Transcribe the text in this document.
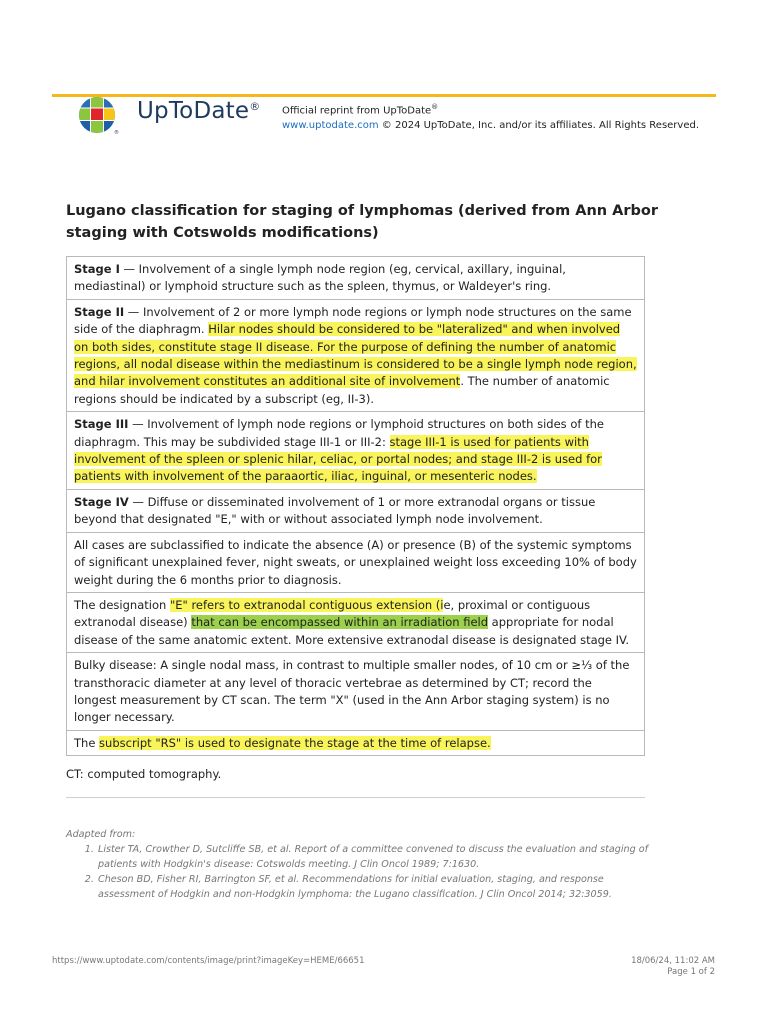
®
UpToDate® Official reprint from UpToDate®
www.uptodate.com © 2024 UpToDate, Inc. and/or its affiliates. All Rights Reserved.
Lugano classification for staging of lymphomas (derived from Ann Arbor staging with Cotswolds modifications)
Stage I — Involvement of a single lymph node region (eg, cervical, axillary, inguinal, mediastinal) or lymphoid structure such as the spleen, thymus, or Waldeyer's ring.
Stage II — Involvement of 2 or more lymph node regions or lymph node structures on the same side of the diaphragm. Hilar nodes should be considered to be "lateralized" and when involved on both sides, constitute stage II disease. For the purpose of defining the number of anatomic regions, all nodal disease within the mediastinum is considered to be a single lymph node region, and hilar involvement constitutes an additional site of involvement. The number of anatomic regions should be indicated by a subscript (eg, II-3).
Stage III — Involvement of lymph node regions or lymphoid structures on both sides of the diaphragm. This may be subdivided stage III-1 or III-2: stage III-1 is used for patients with involvement of the spleen or splenic hilar, celiac, or portal nodes; and stage III-2 is used for patients with involvement of the paraaortic, iliac, inguinal, or mesenteric nodes.
Stage IV — Diffuse or disseminated involvement of 1 or more extranodal organs or tissue beyond that designated "E," with or without associated lymph node involvement.
All cases are subclassified to indicate the absence (A) or presence (B) of the systemic symptoms of significant unexplained fever, night sweats, or unexplained weight loss exceeding 10% of body weight during the 6 months prior to diagnosis.
The designation "E" refers to extranodal contiguous extension (ie, proximal or contiguous extranodal disease) that can be encompassed within an irradiation field appropriate for nodal disease of the same anatomic extent. More extensive extranodal disease is designated stage IV.
Bulky disease: A single nodal mass, in contrast to multiple smaller nodes, of 10 cm or ≥⅓ of the transthoracic diameter at any level of thoracic vertebrae as determined by CT; record the longest measurement by CT scan. The term "X" (used in the Ann Arbor staging system) is no longer necessary.
The subscript "RS" is used to designate the stage at the time of relapse.
CT: computed tomography.
Adapted from:
1. Lister TA, Crowther D, Sutcliffe SB, et al. Report of a committee convened to discuss the evaluation and staging of patients with Hodgkin's disease: Cotswolds meeting. J Clin Oncol 1989; 7:1630.
2. Cheson BD, Fisher RI, Barrington SF, et al. Recommendations for initial evaluation, staging, and response assessment of Hodgkin and non-Hodgkin lymphoma: the Lugano classification. J Clin Oncol 2014; 32:3059.
https://www.uptodate.com/contents/image/print?imageKey=HEME/66651	18/06/24, 11:02 AM
Page 1 of 2
